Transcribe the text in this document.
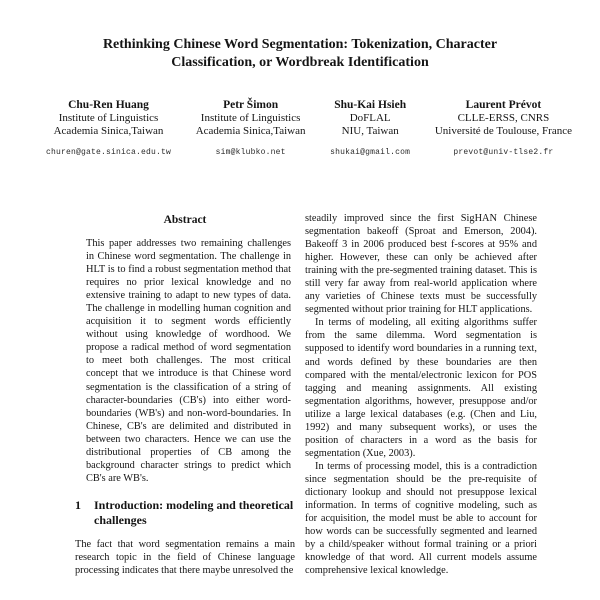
Rethinking Chinese Word Segmentation: Tokenization, Character Classification, or Wordbreak Identification
Chu-Ren Huang
Institute of Linguistics
Academia Sinica,Taiwan
churen@gate.sinica.edu.tw
Petr Šimon
Institute of Linguistics
Academia Sinica,Taiwan
sim@klubko.net
Shu-Kai Hsieh
DoFLAL
NIU, Taiwan
shukai@gmail.com
Laurent Prévot
CLLE-ERSS, CNRS
Université de Toulouse, France
prevot@univ-tlse2.fr
Abstract

This paper addresses two remaining challenges in Chinese word segmentation. The challenge in HLT is to find a robust segmentation method that requires no prior lexical knowledge and no extensive training to adapt to new types of data. The challenge in modelling human cognition and acquisition it to segment words efficiently without using knowledge of wordhood. We propose a radical method of word segmentation to meet both challenges. The most critical concept that we introduce is that Chinese word segmentation is the classification of a string of character-boundaries (CB's) into either word-boundaries (WB's) and non-word-boundaries. In Chinese, CB's are delimited and distributed in between two characters. Hence we can use the distributional properties of CB among the background character strings to predict which CB's are WB's.

1 Introduction: modeling and theoretical challenges

The fact that word segmentation remains a main research topic in the field of Chinese language processing indicates that there maybe unresolved the

steadily improved since the first SigHAN Chinese segmentation bakeoff (Sproat and Emerson, 2004). Bakeoff 3 in 2006 produced best f-scores at 95% and higher. However, these can only be achieved after training with the pre-segmented training dataset. This is still very far away from real-world application where any varieties of Chinese texts must be successfully segmented without prior training for HLT applications.

In terms of modeling, all exiting algorithms suffer from the same dilemma. Word segmentation is supposed to identify word boundaries in a running text, and words defined by these boundaries are then compared with the mental/electronic lexicon for POS tagging and meaning assignments. All existing segmentation algorithms, however, presuppose and/or utilize a large lexical databases (e.g. (Chen and Liu, 1992) and many subsequent works), or uses the position of characters in a word as the basis for segmentation (Xue, 2003).

In terms of processing model, this is a contradiction since segmentation should be the pre-requisite of dictionary lookup and should not presuppose lexical information. In terms of cognitive modeling, such as for acquisition, the model must be able to account for how words can be successfully segmented and learned by a child/speaker without formal training or a priori knowledge of that word. All current models assume comprehensive lexical knowledge.
